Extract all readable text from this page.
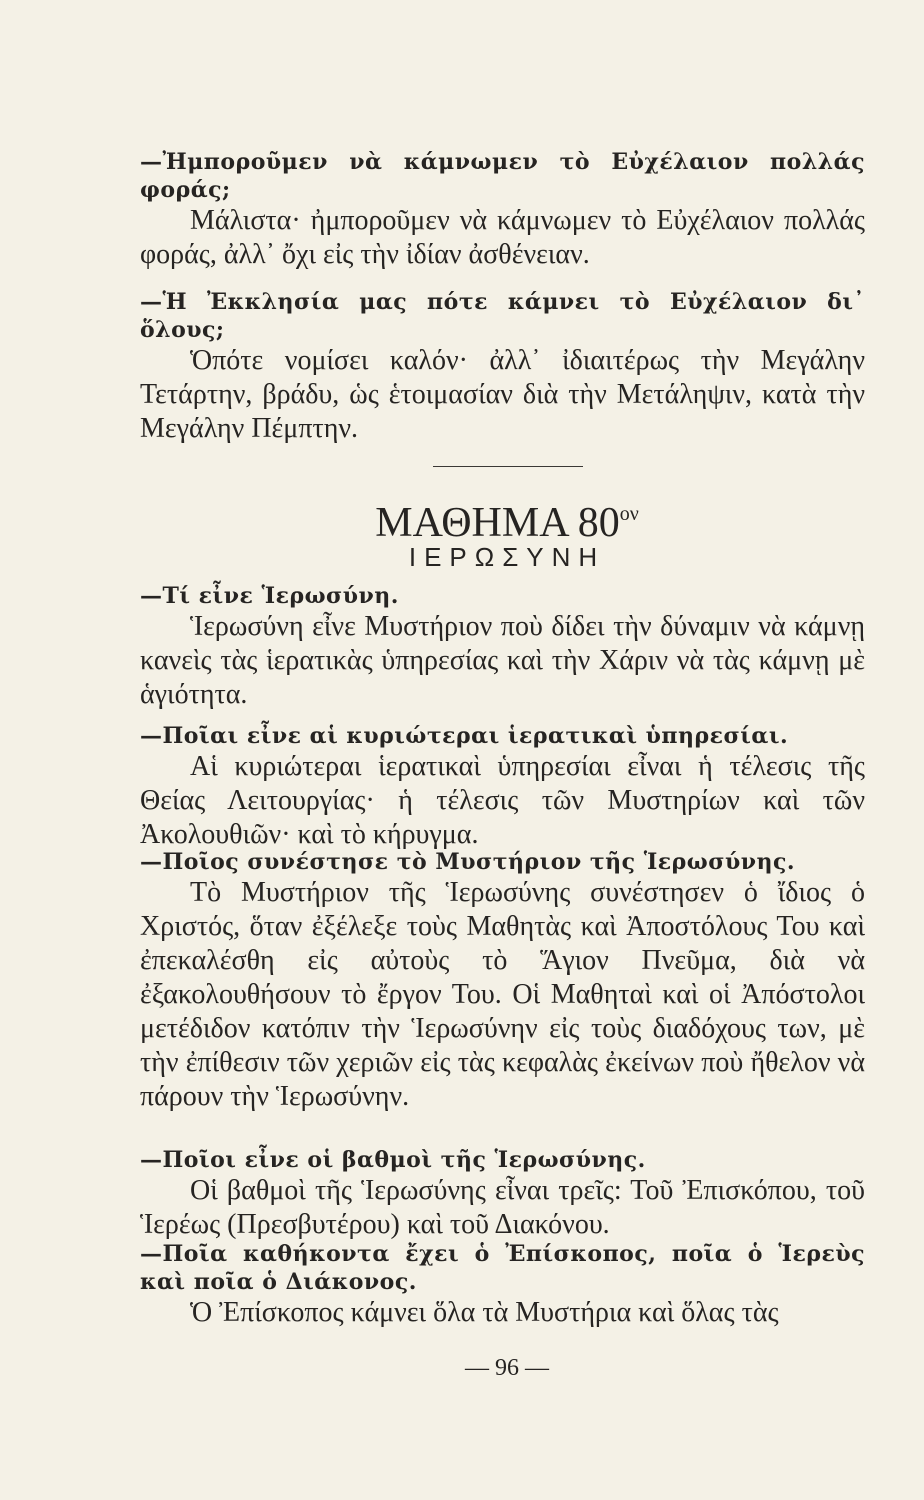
—Ἠμποροῦμεν νὰ κάμνωμεν τὸ Εὐχέλαιον πολλάς φοράς;
Μάλιστα· ἠμποροῦμεν νὰ κάμνωμεν τὸ Εὐχέλαιον πολλάς φοράς, ἀλλ᾽ ὄχι εἰς τὴν ἰδίαν ἀσθένειαν.
—Ἡ Ἐκκλησία μας πότε κάμνει τὸ Εὐχέλαιον δι᾽ ὅλους;
Ὁπότε νομίσει καλόν· ἀλλ᾽ ἰδιαιτέρως τὴν Μεγάλην Τετάρτην, βράδυ, ὡς ἑτοιμασίαν διὰ τὴν Μετάληψιν, κατὰ τὴν Μεγάλην Πέμπτην.
ΜΑΘΗΜΑ $80^{o\nu}$
ΙΕΡΩΣΥΝΗ
—Τί εἶνε Ἱερωσύνη.
Ἱερωσύνη εἶνε Μυστήριον ποὺ δίδει τὴν δύναμιν νὰ κάμνῃ κανεὶς τὰς ἱερατικὰς ὑπηρεσίας καὶ τὴν Χάριν νὰ τὰς κάμνῃ μὲ ἁγιότητα.
—Ποῖαι εἶνε αἱ κυριώτεραι ἱερατικαὶ ὑπηρεσίαι.
Αἱ κυριώτεραι ἱερατικαὶ ὑπηρεσίαι εἶναι ἡ τέλεσις τῆς Θείας Λειτουργίας· ἡ τέλεσις τῶν Μυστηρίων καὶ τῶν Ἀκολουθιῶν· καὶ τὸ κήρυγμα.
—Ποῖος συνέστησε τὸ Μυστήριον τῆς Ἱερωσύνης.
Τὸ Μυστήριον τῆς Ἱερωσύνης συνέστησεν ὁ ἴδιος ὁ Χριστός, ὅταν ἐξέλεξε τοὺς Μαθητὰς καὶ Ἀποστόλους Του καὶ ἐπεκαλέσθη εἰς αὐτοὺς τὸ Ἅγιον Πνεῦμα, διὰ νὰ ἐξακολουθήσουν τὸ ἔργον Του. Οἱ Μαθηταὶ καὶ οἱ Ἀπόστολοι μετέδιδον κατόπιν τὴν Ἱερωσύνην εἰς τοὺς διαδόχους των, μὲ τὴν ἐπίθεσιν τῶν χεριῶν εἰς τὰς κεφαλὰς ἐκείνων ποὺ ἤθελον νὰ πάρουν τὴν Ἱερωσύνην.
—Ποῖοι εἶνε οἱ βαθμοὶ τῆς Ἱερωσύνης.
Οἱ βαθμοὶ τῆς Ἱερωσύνης εἶναι τρεῖς: Τοῦ Ἐπισκόπου, τοῦ Ἱερέως (Πρεσβυτέρου) καὶ τοῦ Διακόνου.
—Ποῖα καθήκοντα ἔχει ὁ Ἐπίσκοπος, ποῖα ὁ Ἱερεὺς καὶ ποῖα ὁ Διάκονος.
Ὁ Ἐπίσκοπος κάμνει ὅλα τὰ Μυστήρια καὶ ὅλας τὰς
— 96 —
